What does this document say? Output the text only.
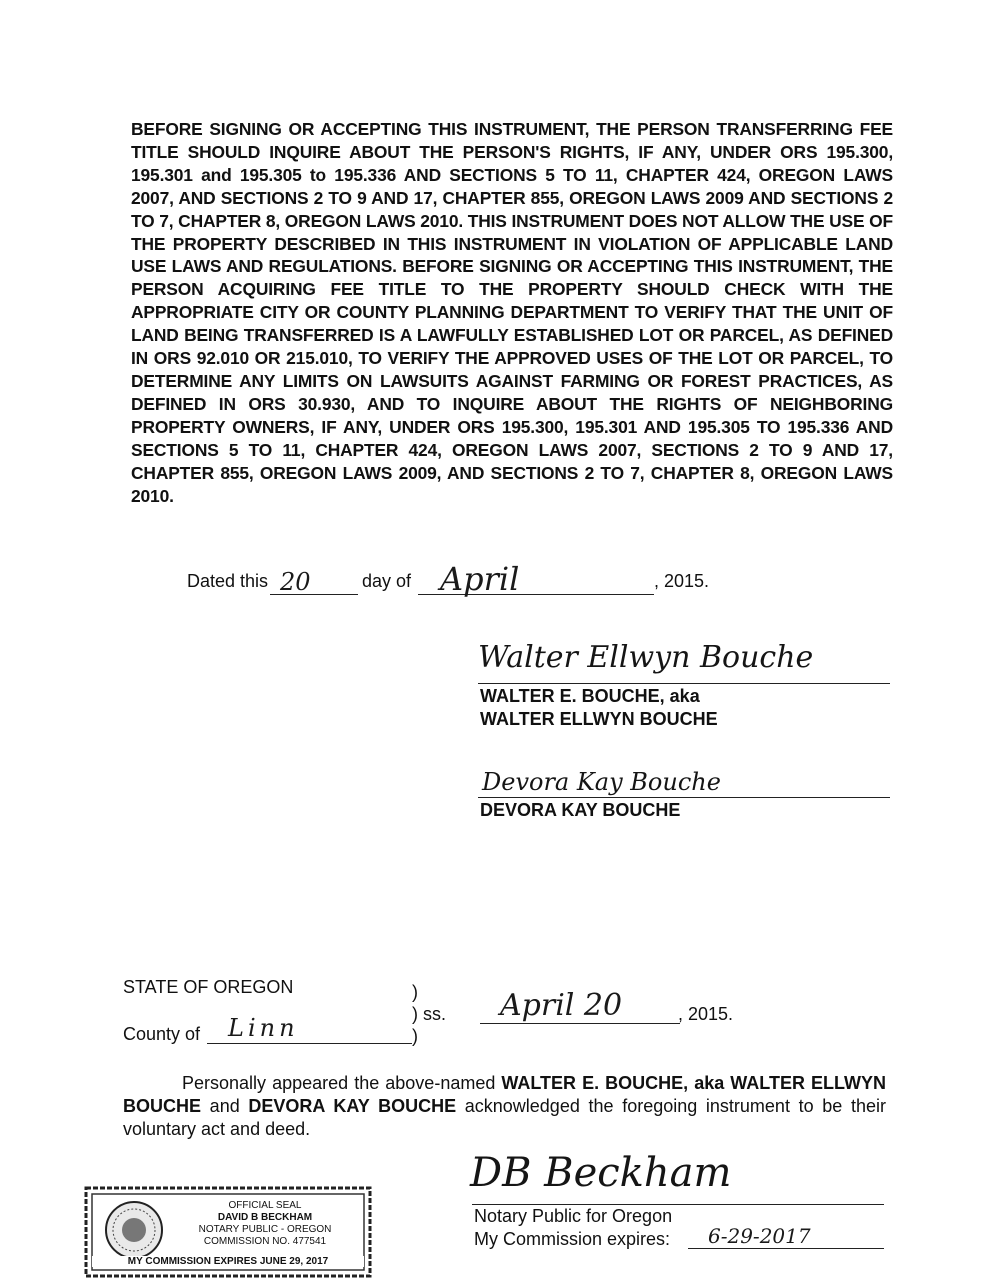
BEFORE SIGNING OR ACCEPTING THIS INSTRUMENT, THE PERSON TRANSFERRING FEE TITLE SHOULD INQUIRE ABOUT THE PERSON'S RIGHTS, IF ANY, UNDER ORS 195.300, 195.301 and 195.305 to 195.336 AND SECTIONS 5 TO 11, CHAPTER 424, OREGON LAWS 2007, AND SECTIONS 2 TO 9 AND 17, CHAPTER 855, OREGON LAWS 2009 AND SECTIONS 2 TO 7, CHAPTER 8, OREGON LAWS 2010. THIS INSTRUMENT DOES NOT ALLOW THE USE OF THE PROPERTY DESCRIBED IN THIS INSTRUMENT IN VIOLATION OF APPLICABLE LAND USE LAWS AND REGULATIONS. BEFORE SIGNING OR ACCEPTING THIS INSTRUMENT, THE PERSON ACQUIRING FEE TITLE TO THE PROPERTY SHOULD CHECK WITH THE APPROPRIATE CITY OR COUNTY PLANNING DEPARTMENT TO VERIFY THAT THE UNIT OF LAND BEING TRANSFERRED IS A LAWFULLY ESTABLISHED LOT OR PARCEL, AS DEFINED IN ORS 92.010 OR 215.010, TO VERIFY THE APPROVED USES OF THE LOT OR PARCEL, TO DETERMINE ANY LIMITS ON LAWSUITS AGAINST FARMING OR FOREST PRACTICES, AS DEFINED IN ORS 30.930, AND TO INQUIRE ABOUT THE RIGHTS OF NEIGHBORING PROPERTY OWNERS, IF ANY, UNDER ORS 195.300, 195.301 AND 195.305 TO 195.336 AND SECTIONS 5 TO 11, CHAPTER 424, OREGON LAWS 2007, SECTIONS 2 TO 9 AND 17, CHAPTER 855, OREGON LAWS 2009, AND SECTIONS 2 TO 7, CHAPTER 8, OREGON LAWS 2010.
Dated this 20	day of April	, 2015.
Walter Ellwyn Bouche
WALTER E. BOUCHE, aka
WALTER ELLWYN BOUCHE
Devora Kay Bouche
DEVORA KAY BOUCHE
STATE OF OREGON
County of Linn
)
) ss.
)
April 20	, 2015.
Personally appeared the above-named WALTER E. BOUCHE, aka WALTER ELLWYN BOUCHE and DEVORA KAY BOUCHE acknowledged the foregoing instrument to be their voluntary act and deed.
DB Beckham
Notary Public for Oregon
My Commission expires: 6-29-2017
OFFICIAL SEAL
DAVID B BECKHAM
NOTARY PUBLIC - OREGON
COMMISSION NO. 477541
MY COMMISSION EXPIRES JUNE 29, 2017
